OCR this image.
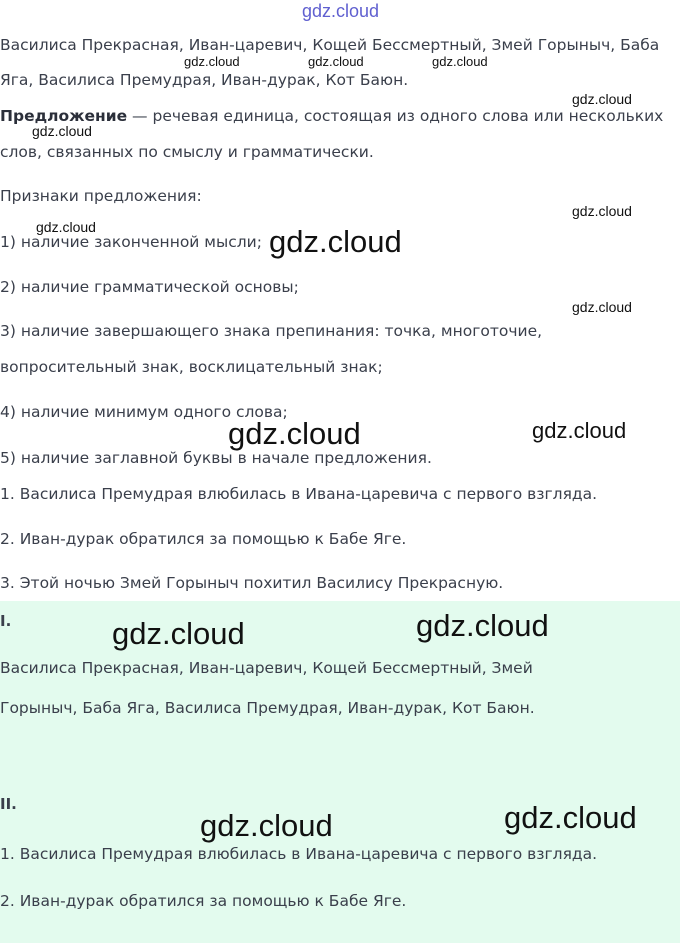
gdz.cloud
Василиса Прекрасная, Иван-царевич, Кощей Бессмертный, Змей Горыныч, Баба
Яга, Василиса Премудрая, Иван-дурак, Кот Баюн.
Предложение — речевая единица, состоящая из одного слова или нескольких
слов, связанных по смыслу и грамматически.
Признаки предложения:
1) наличие законченной мысли;
2) наличие грамматической основы;
3) наличие завершающего знака препинания: точка, многоточие,
вопросительный знак, восклицательный знак;
4) наличие минимум одного слова;
5) наличие заглавной буквы в начале предложения.
1. Василиса Премудрая влюбилась в Ивана-царевича с первого взгляда.
2. Иван-дурак обратился за помощью к Бабе Яге.
3. Этой ночью Змей Горыныч похитил Василису Прекрасную.
I.
Василиса Прекрасная, Иван-царевич, Кощей Бессмертный, Змей
Горыныч, Баба Яга, Василиса Премудрая, Иван-дурак, Кот Баюн.
II.
1. Василиса Премудрая влюбилась в Ивана-царевича с первого взгляда.
2. Иван-дурак обратился за помощью к Бабе Яге.
gdz.cloud	gdz.cloud	gdz.cloud
gdz.cloud
gdz.cloud
gdz.cloud
gdz.cloud	gdz.cloud
gdz.cloud
gdz.cloud	gdz.cloud
gdz.cloud	gdz.cloud
gdz.cloud	gdz.cloud
